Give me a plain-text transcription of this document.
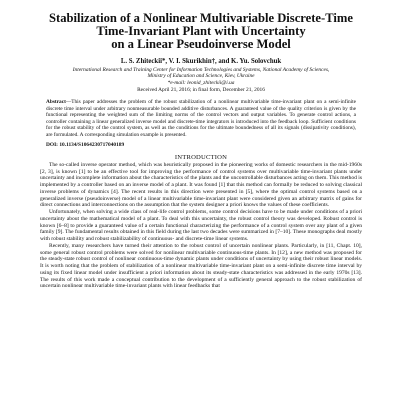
Stabilization of a Nonlinear Multivariable Discrete-Time
Time-Invariant Plant with Uncertainty
on a Linear Pseudoinverse Model
L. S. Zhiteckii*, V. I. Skurikhin†, and K. Yu. Solovchuk
International Research and Training Center for Information Technologies and Systems, National Academy of Sciences,
Ministry of Education and Science, Kiev, Ukraine
*e-mail: leonid_zhiteckii@i.ua
Received April 21, 2016; in final form, December 21, 2016
Abstract—This paper addresses the problem of the robust stabilization of a nonlinear multivariable time-invariant plant on a semi-infinite discrete time interval under arbitrary nonmeasurable bounded additive disturbances. A guaranteed value of the quality criterion is given by the functional representing the weighted sum of the limiting norms of the control vectors and output variables. To generate control actions, a controller containing a linear generalized inverse model and discrete-time integrators is introduced into the feedback loop. Sufficient conditions for the robust stability of the control system, as well as the conditions for the ultimate boundedness of all its signals (dissipativity conditions), are formulated. A corresponding simulation example is presented.
DOI: 10.1134/S1064230717040189
INTRODUCTION

The so-called inverse operator method, which was heuristically proposed in the pioneering works of domestic researchers in the mid-1960s [2, 3], is known [1] to be an effective tool for improving the performance of control systems over multivariable time-invariant plants under uncertainty and incomplete information about the characteristics of the plants and the uncontrollable disturbances acting on them. This method is implemented by a controller based on an inverse model of a plant. It was found [1] that this method can formally be reduced to solving classical inverse problems of dynamics [4]. The recent results in this direction were presented in [5], where the optimal control systems based on a generalized inverse (pseudoinverse) model of a linear multivariable time-invariant plant were considered given an arbitrary matrix of gains for direct connections and interconnections on the assumption that the system designer a priori knows the values of these coefficients.

Unfortunately, when solving a wide class of real-life control problems, some control decisions have to be made under conditions of a priori uncertainty about the mathematical model of a plant. To deal with this uncertainty, the robust control theory was developed. Robust control is known [6–8] to provide a guaranteed value of a certain functional characterizing the performance of a control system over any plant of a given family [9]. The fundamental results obtained in this field during the last two decades were summarized in [7–10]. These monographs deal mostly with robust stability and robust stabilizability of continuous- and discrete-time linear systems.

Recently, many researchers have turned their attention to the robust control of uncertain nonlinear plants. Particularly, in [11, Chapt. 10], some general robust control problems were solved for nonlinear multivariable continuous-time plants. In [12], a new method was proposed for the steady-state robust control of nonlinear continuous-time dynamic plants under conditions of uncertainty by using their robust linear models. It is worth noting that the problem of stabilization of a nonlinear multivariable time-invariant plant on a semi-infinite discrete time interval by using its fixed linear model under insufficient a priori information about its steady-state characteristics was addressed in the early 1970s [13]. The results of this work made a conceptual contribution to the development of a sufficiently general approach to the robust stabilization of uncertain nonlinear multivariable time-invariant plants with linear feedbacks that
